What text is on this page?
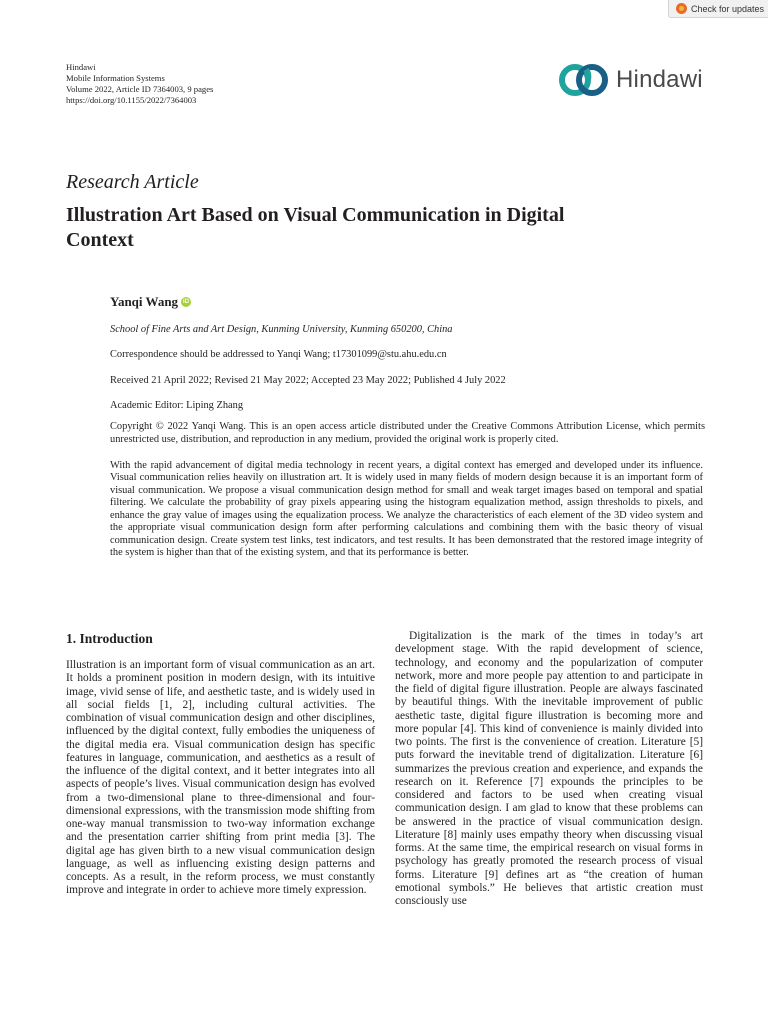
Check for updates
Hindawi
Mobile Information Systems
Volume 2022, Article ID 7364003, 9 pages
https://doi.org/10.1155/2022/7364003
Hindawi
Research Article
Illustration Art Based on Visual Communication in Digital Context
Yanqi Wang iD
School of Fine Arts and Art Design, Kunming University, Kunming 650200, China
Correspondence should be addressed to Yanqi Wang; t17301099@stu.ahu.edu.cn
Received 21 April 2022; Revised 21 May 2022; Accepted 23 May 2022; Published 4 July 2022
Academic Editor: Liping Zhang
Copyright © 2022 Yanqi Wang. This is an open access article distributed under the Creative Commons Attribution License, which permits unrestricted use, distribution, and reproduction in any medium, provided the original work is properly cited.
With the rapid advancement of digital media technology in recent years, a digital context has emerged and developed under its influence. Visual communication relies heavily on illustration art. It is widely used in many fields of modern design because it is an important form of visual communication. We propose a visual communication design method for small and weak target images based on temporal and spatial filtering. We calculate the probability of gray pixels appearing using the histogram equalization method, assign thresholds to pixels, and enhance the gray value of images using the equalization process. We analyze the characteristics of each element of the 3D video system and the appropriate visual communication design form after performing calculations and combining them with the basic theory of visual communication design. Create system test links, test indicators, and test results. It has been demonstrated that the restored image integrity of the system is higher than that of the existing system, and that its performance is better.
1. Introduction
Illustration is an important form of visual communication as an art. It holds a prominent position in modern design, with its intuitive image, vivid sense of life, and aesthetic taste, and is widely used in all social fields [1, 2], including cultural activities. The combination of visual communication design and other disciplines, influenced by the digital context, fully embodies the uniqueness of the digital media era. Visual communication design has specific features in language, communication, and aesthetics as a result of the influence of the digital context, and it better integrates into all aspects of people’s lives. Visual communication design has evolved from a two-dimensional plane to three-dimensional and four-dimensional expressions, with the transmission mode shifting from one-way manual transmission to two-way information exchange and the presentation carrier shifting from print media [3]. The digital age has given birth to a new visual communication design language, as well as influencing existing design patterns and concepts. As a result, in the reform process, we must constantly improve and integrate in order to achieve more timely expression.
Digitalization is the mark of the times in today’s art development stage. With the rapid development of science, technology, and economy and the popularization of computer network, more and more people pay attention to and participate in the field of digital figure illustration. People are always fascinated by beautiful things. With the inevitable improvement of public aesthetic taste, digital figure illustration is becoming more and more popular [4]. This kind of convenience is mainly divided into two points. The first is the convenience of creation. Literature [5] puts forward the inevitable trend of digitalization. Literature [6] summarizes the previous creation and experience, and expands the research on it. Reference [7] expounds the principles to be considered and factors to be used when creating visual communication design. I am glad to know that these problems can be answered in the practice of visual communication design. Literature [8] mainly uses empathy theory when discussing visual forms. At the same time, the empirical research on visual forms in psychology has greatly promoted the research process of visual forms. Literature [9] defines art as “the creation of human emotional symbols.” He believes that artistic creation must consciously use
